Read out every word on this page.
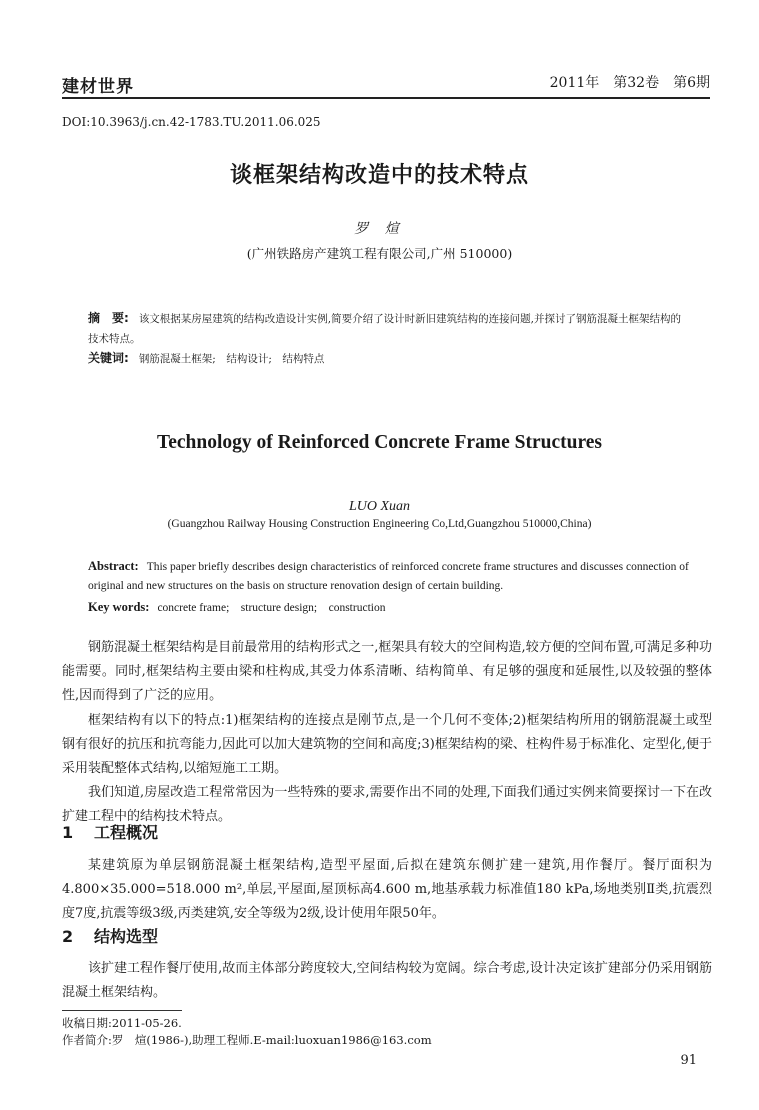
建材世界	2011年　第32卷　第6期
DOI:10.3963/j.cn.42-1783.TU.2011.06.025
谈框架结构改造中的技术特点
罗 煊
(广州铁路房产建筑工程有限公司,广州 510000)
摘　要: 该文根据某房屋建筑的结构改造设计实例,简要介绍了设计时新旧建筑结构的连接问题,并探讨了钢筋混凝土框架结构的技术特点。
关键词: 钢筋混凝土框架;　结构设计;　结构特点
Technology of Reinforced Concrete Frame Structures
LUO Xuan
(Guangzhou Railway Housing Construction Engineering Co,Ltd,Guangzhou 510000,China)
Abstract: This paper briefly describes design characteristics of reinforced concrete frame structures and discusses connection of original and new structures on the basis on structure renovation design of certain building.
Key words: concrete frame;　structure design;　construction

钢筋混凝土框架结构是目前最常用的结构形式之一,框架具有较大的空间构造,较方便的空间布置,可满足多种功能需要。同时,框架结构主要由梁和柱构成,其受力体系清晰、结构简单、有足够的强度和延展性,以及较强的整体性,因而得到了广泛的应用。

框架结构有以下的特点:1)框架结构的连接点是刚节点,是一个几何不变体;2)框架结构所用的钢筋混凝土或型钢有很好的抗压和抗弯能力,因此可以加大建筑物的空间和高度;3)框架结构的梁、柱构件易于标准化、定型化,便于采用装配整体式结构,以缩短施工工期。

我们知道,房屋改造工程常常因为一些特殊的要求,需要作出不同的处理,下面我们通过实例来简要探讨一下在改扩建工程中的结构技术特点。

1 工程概况

某建筑原为单层钢筋混凝土框架结构,造型平屋面,后拟在建筑东侧扩建一建筑,用作餐厅。餐厅面积为4.800×35.000=518.000 m²,单层,平屋面,屋顶标高4.600 m,地基承载力标准值180 kPa,场地类别Ⅱ类,抗震烈度7度,抗震等级3级,丙类建筑,安全等级为2级,设计使用年限50年。

2 结构选型

该扩建工程作餐厅使用,故而主体部分跨度较大,空间结构较为宽阔。综合考虑,设计决定该扩建部分仍采用钢筋混凝土框架结构。

收稿日期:2011-05-26.
作者简介:罗　煊(1986-),助理工程师.E-mail:luoxuan1986@163.com
91
